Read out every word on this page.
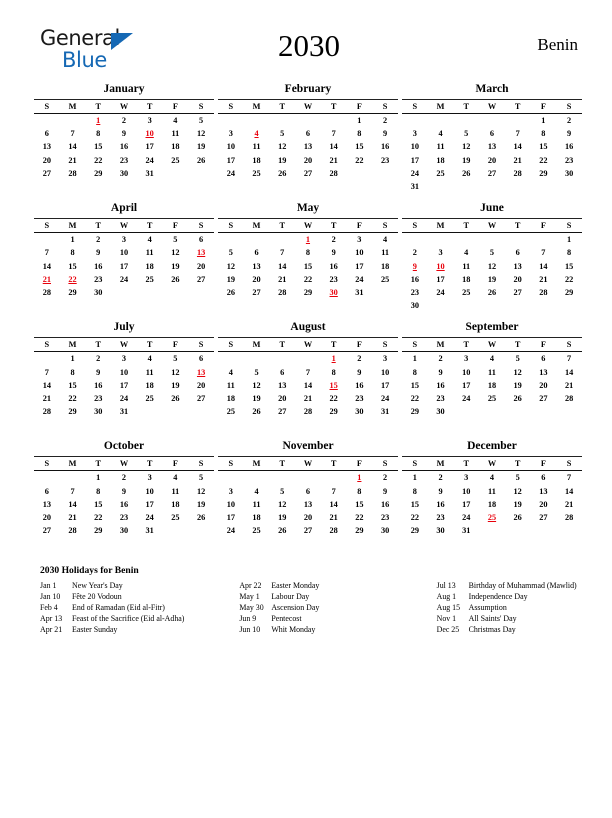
General
Blue	2030	Benin
January
S	M	T	W	T	F	S
		1	2	3	4	5
6	7	8	9	10	11	12
13	14	15	16	17	18	19
20	21	22	23	24	25	26
27	28	29	30	31		

February
S	M	T	W	T	F	S
					1	2
3	4	5	6	7	8	9
10	11	12	13	14	15	16
17	18	19	20	21	22	23
24	25	26	27	28		

March
S	M	T	W	T	F	S
					1	2
3	4	5	6	7	8	9
10	11	12	13	14	15	16
17	18	19	20	21	22	23
24	25	26	27	28	29	30
31						
April
S	M	T	W	T	F	S
	1	2	3	4	5	6
7	8	9	10	11	12	13
14	15	16	17	18	19	20
21	22	23	24	25	26	27
28	29	30				

May
S	M	T	W	T	F	S
			1	2	3	4
5	6	7	8	9	10	11
12	13	14	15	16	17	18
19	20	21	22	23	24	25
26	27	28	29	30	31	

June
S	M	T	W	T	F	S
						1
2	3	4	5	6	7	8
9	10	11	12	13	14	15
16	17	18	19	20	21	22
23	24	25	26	27	28	29
30						
July
S	M	T	W	T	F	S
	1	2	3	4	5	6
7	8	9	10	11	12	13
14	15	16	17	18	19	20
21	22	23	24	25	26	27
28	29	30	31			

August
S	M	T	W	T	F	S
				1	2	3
4	5	6	7	8	9	10
11	12	13	14	15	16	17
18	19	20	21	22	23	24
25	26	27	28	29	30	31

September
S	M	T	W	T	F	S
1	2	3	4	5	6	7
8	9	10	11	12	13	14
15	16	17	18	19	20	21
22	23	24	25	26	27	28
29	30					

October
S	M	T	W	T	F	S
		1	2	3	4	5
6	7	8	9	10	11	12
13	14	15	16	17	18	19
20	21	22	23	24	25	26
27	28	29	30	31		

November
S	M	T	W	T	F	S
					1	2
3	4	5	6	7	8	9
10	11	12	13	14	15	16
17	18	19	20	21	22	23
24	25	26	27	28	29	30

December
S	M	T	W	T	F	S
1	2	3	4	5	6	7
8	9	10	11	12	13	14
15	16	17	18	19	20	21
22	23	24	25	26	27	28
29	30	31				

2030 Holidays for Benin
Jan 1	New Year's Day
Jan 10	Fête 20 Vodoun
Feb 4	End of Ramadan (Eid al-Fitr)
Apr 13	Feast of the Sacrifice (Eid al-Adha)
Apr 21	Easter Sunday
Apr 22	Easter Monday
May 1	Labour Day
May 30 Ascension Day
Jun 9	Pentecost
Jun 10	Whit Monday
Jul 13	Birthday of Muhammad (Mawlid)
Aug 1	Independence Day
Aug 15	Assumption
Nov 1	All Saints' Day
Dec 25	Christmas Day
